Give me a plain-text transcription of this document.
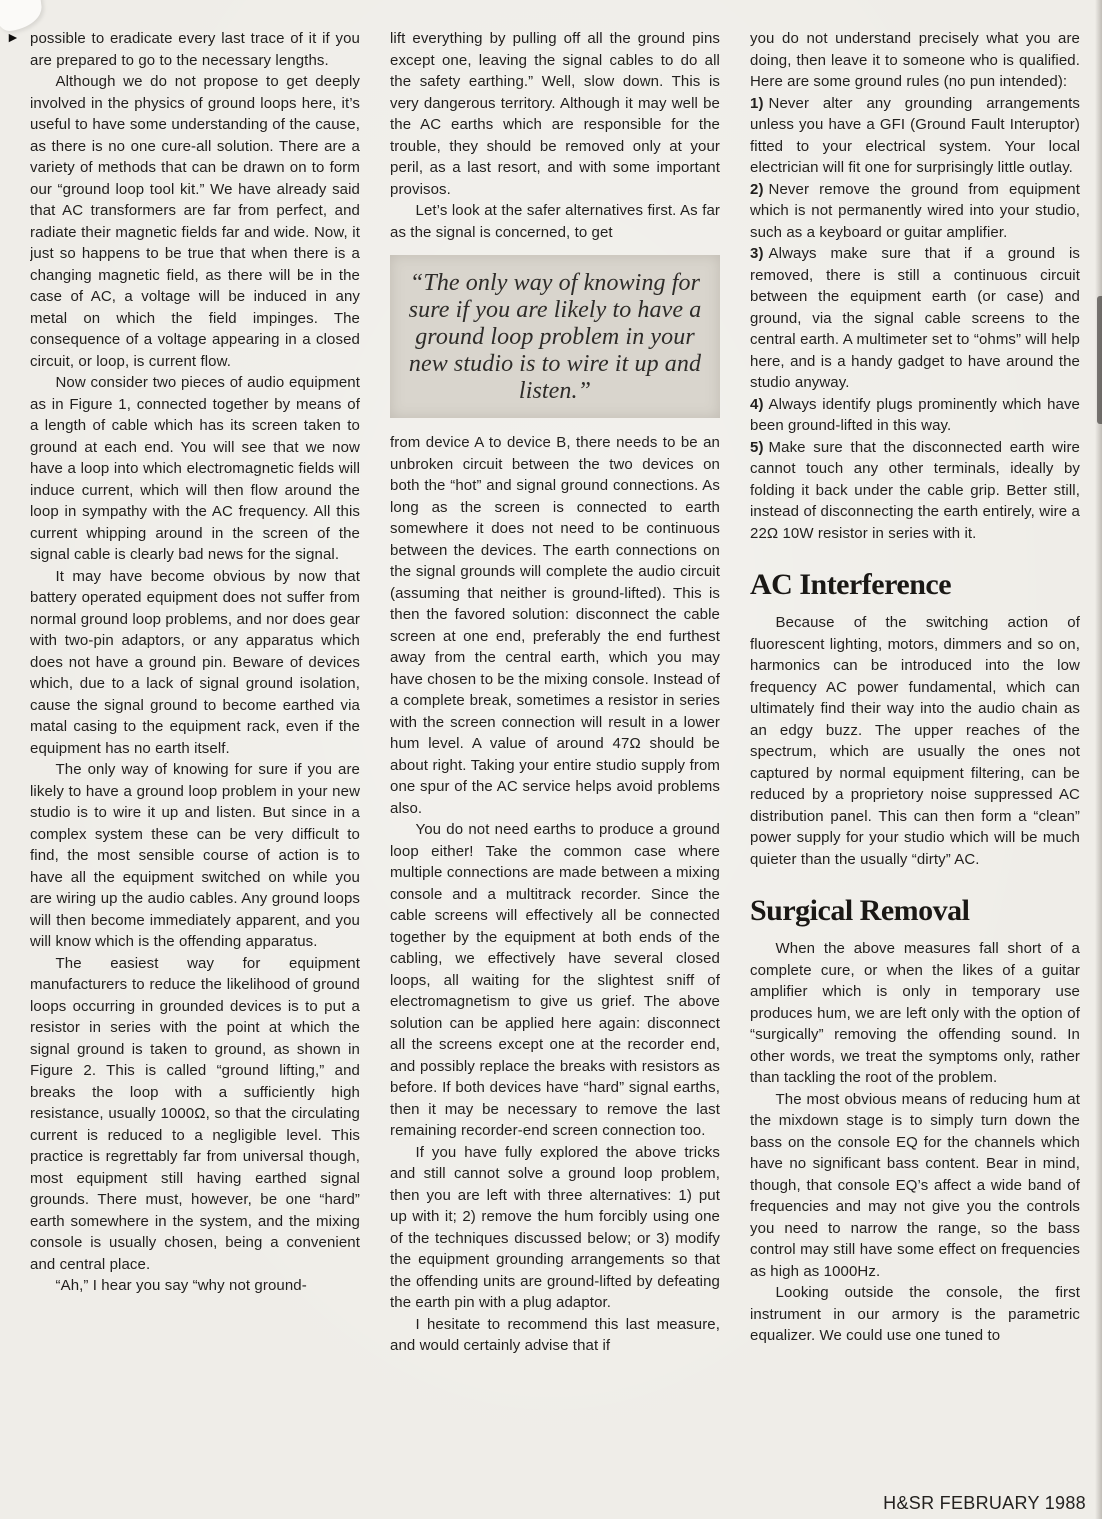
► possible to eradicate every last trace of it if you are prepared to go to the necessary lengths.

Although we do not propose to get deeply involved in the physics of ground loops here, it’s useful to have some understanding of the cause, as there is no one cure-all solution. There are a variety of methods that can be drawn on to form our “ground loop tool kit.” We have already said that AC transformers are far from perfect, and radiate their magnetic fields far and wide. Now, it just so happens to be true that when there is a changing magnetic field, as there will be in the case of AC, a voltage will be induced in any metal on which the field impinges. The consequence of a voltage appearing in a closed circuit, or loop, is current flow.

Now consider two pieces of audio equipment as in Figure 1, connected together by means of a length of cable which has its screen taken to ground at each end. You will see that we now have a loop into which electromagnetic fields will induce current, which will then flow around the loop in sympathy with the AC frequency. All this current whipping around in the screen of the signal cable is clearly bad news for the signal.

It may have become obvious by now that battery operated equipment does not suffer from normal ground loop problems, and nor does gear with two-pin adaptors, or any apparatus which does not have a ground pin. Beware of devices which, due to a lack of signal ground isolation, cause the signal ground to become earthed via matal casing to the equipment rack, even if the equipment has no earth itself.

The only way of knowing for sure if you are likely to have a ground loop problem in your new studio is to wire it up and listen. But since in a complex system these can be very difficult to find, the most sensible course of action is to have all the equipment switched on while you are wiring up the audio cables. Any ground loops will then become immediately apparent, and you will know which is the offending apparatus.

The easiest way for equipment manufacturers to reduce the likelihood of ground loops occurring in grounded devices is to put a resistor in series with the point at which the signal ground is taken to ground, as shown in Figure 2. This is called “ground lifting,” and breaks the loop with a sufficiently high resistance, usually 1000Ω, so that the circulating current is reduced to a negligible level. This practice is regrettably far from universal though, most equipment still having earthed signal grounds. There must, however, be one “hard” earth somewhere in the system, and the mixing console is usually chosen, being a convenient and central place.

“Ah,” I hear you say “why not ground-

lift everything by pulling off all the ground pins except one, leaving the signal cables to do all the safety earthing.” Well, slow down. This is very dangerous territory. Although it may well be the AC earths which are responsible for the trouble, they should be removed only at your peril, as a last resort, and with some important provisos.

Let’s look at the safer alternatives first. As far as the signal is concerned, to get

“The only way of knowing for sure if you are likely to have a ground loop problem in your new studio is to wire it up and listen.”

from device A to device B, there needs to be an unbroken circuit between the two devices on both the “hot” and signal ground connections. As long as the screen is connected to earth somewhere it does not need to be continuous between the devices. The earth connections on the signal grounds will complete the audio circuit (assuming that neither is ground-lifted). This is then the favored solution: disconnect the cable screen at one end, preferably the end furthest away from the central earth, which you may have chosen to be the mixing console. Instead of a complete break, sometimes a resistor in series with the screen connection will result in a lower hum level. A value of around 47Ω should be about right. Taking your entire studio supply from one spur of the AC service helps avoid problems also.

You do not need earths to produce a ground loop either! Take the common case where multiple connections are made between a mixing console and a multitrack recorder. Since the cable screens will effectively all be connected together by the equipment at both ends of the cabling, we effectively have several closed loops, all waiting for the slightest sniff of electromagnetism to give us grief. The above solution can be applied here again: disconnect all the screens except one at the recorder end, and possibly replace the breaks with resistors as before. If both devices have “hard” signal earths, then it may be necessary to remove the last remaining recorder-end screen connection too.

If you have fully explored the above tricks and still cannot solve a ground loop problem, then you are left with three alternatives: 1) put up with it; 2) remove the hum forcibly using one of the techniques discussed below; or 3) modify the equipment grounding arrangements so that the offending units are ground-lifted by defeating the earth pin with a plug adaptor.

I hesitate to recommend this last measure, and would certainly advise that if

you do not understand precisely what you are doing, then leave it to someone who is qualified. Here are some ground rules (no pun intended):

1) Never alter any grounding arrangements unless you have a GFI (Ground Fault Interuptor) fitted to your electrical system. Your local electrician will fit one for surprisingly little outlay.

2) Never remove the ground from equipment which is not permanently wired into your studio, such as a keyboard or guitar amplifier.

3) Always make sure that if a ground is removed, there is still a continuous circuit between the equipment earth (or case) and ground, via the signal cable screens to the central earth. A multimeter set to “ohms” will help here, and is a handy gadget to have around the studio anyway.

4) Always identify plugs prominently which have been ground-lifted in this way.

5) Make sure that the disconnected earth wire cannot touch any other terminals, ideally by folding it back under the cable grip. Better still, instead of disconnecting the earth entirely, wire a 22Ω 10W resistor in series with it.

AC Interference

Because of the switching action of fluorescent lighting, motors, dimmers and so on, harmonics can be introduced into the low frequency AC power fundamental, which can ultimately find their way into the audio chain as an edgy buzz. The upper reaches of the spectrum, which are usually the ones not captured by normal equipment filtering, can be reduced by a proprietory noise suppressed AC distribution panel. This can then form a “clean” power supply for your studio which will be much quieter than the usually “dirty” AC.

Surgical Removal

When the above measures fall short of a complete cure, or when the likes of a guitar amplifier which is only in temporary use produces hum, we are left only with the option of “surgically” removing the offending sound. In other words, we treat the symptoms only, rather than tackling the root of the problem.

The most obvious means of reducing hum at the mixdown stage is to simply turn down the bass on the console EQ for the channels which have no significant bass content. Bear in mind, though, that console EQ’s affect a wide band of frequencies and may not give you the controls you need to narrow the range, so the bass control may still have some effect on frequencies as high as 1000Hz.

Looking outside the console, the first instrument in our armory is the parametric equalizer. We could use one tuned to

H&SR FEBRUARY 1988
